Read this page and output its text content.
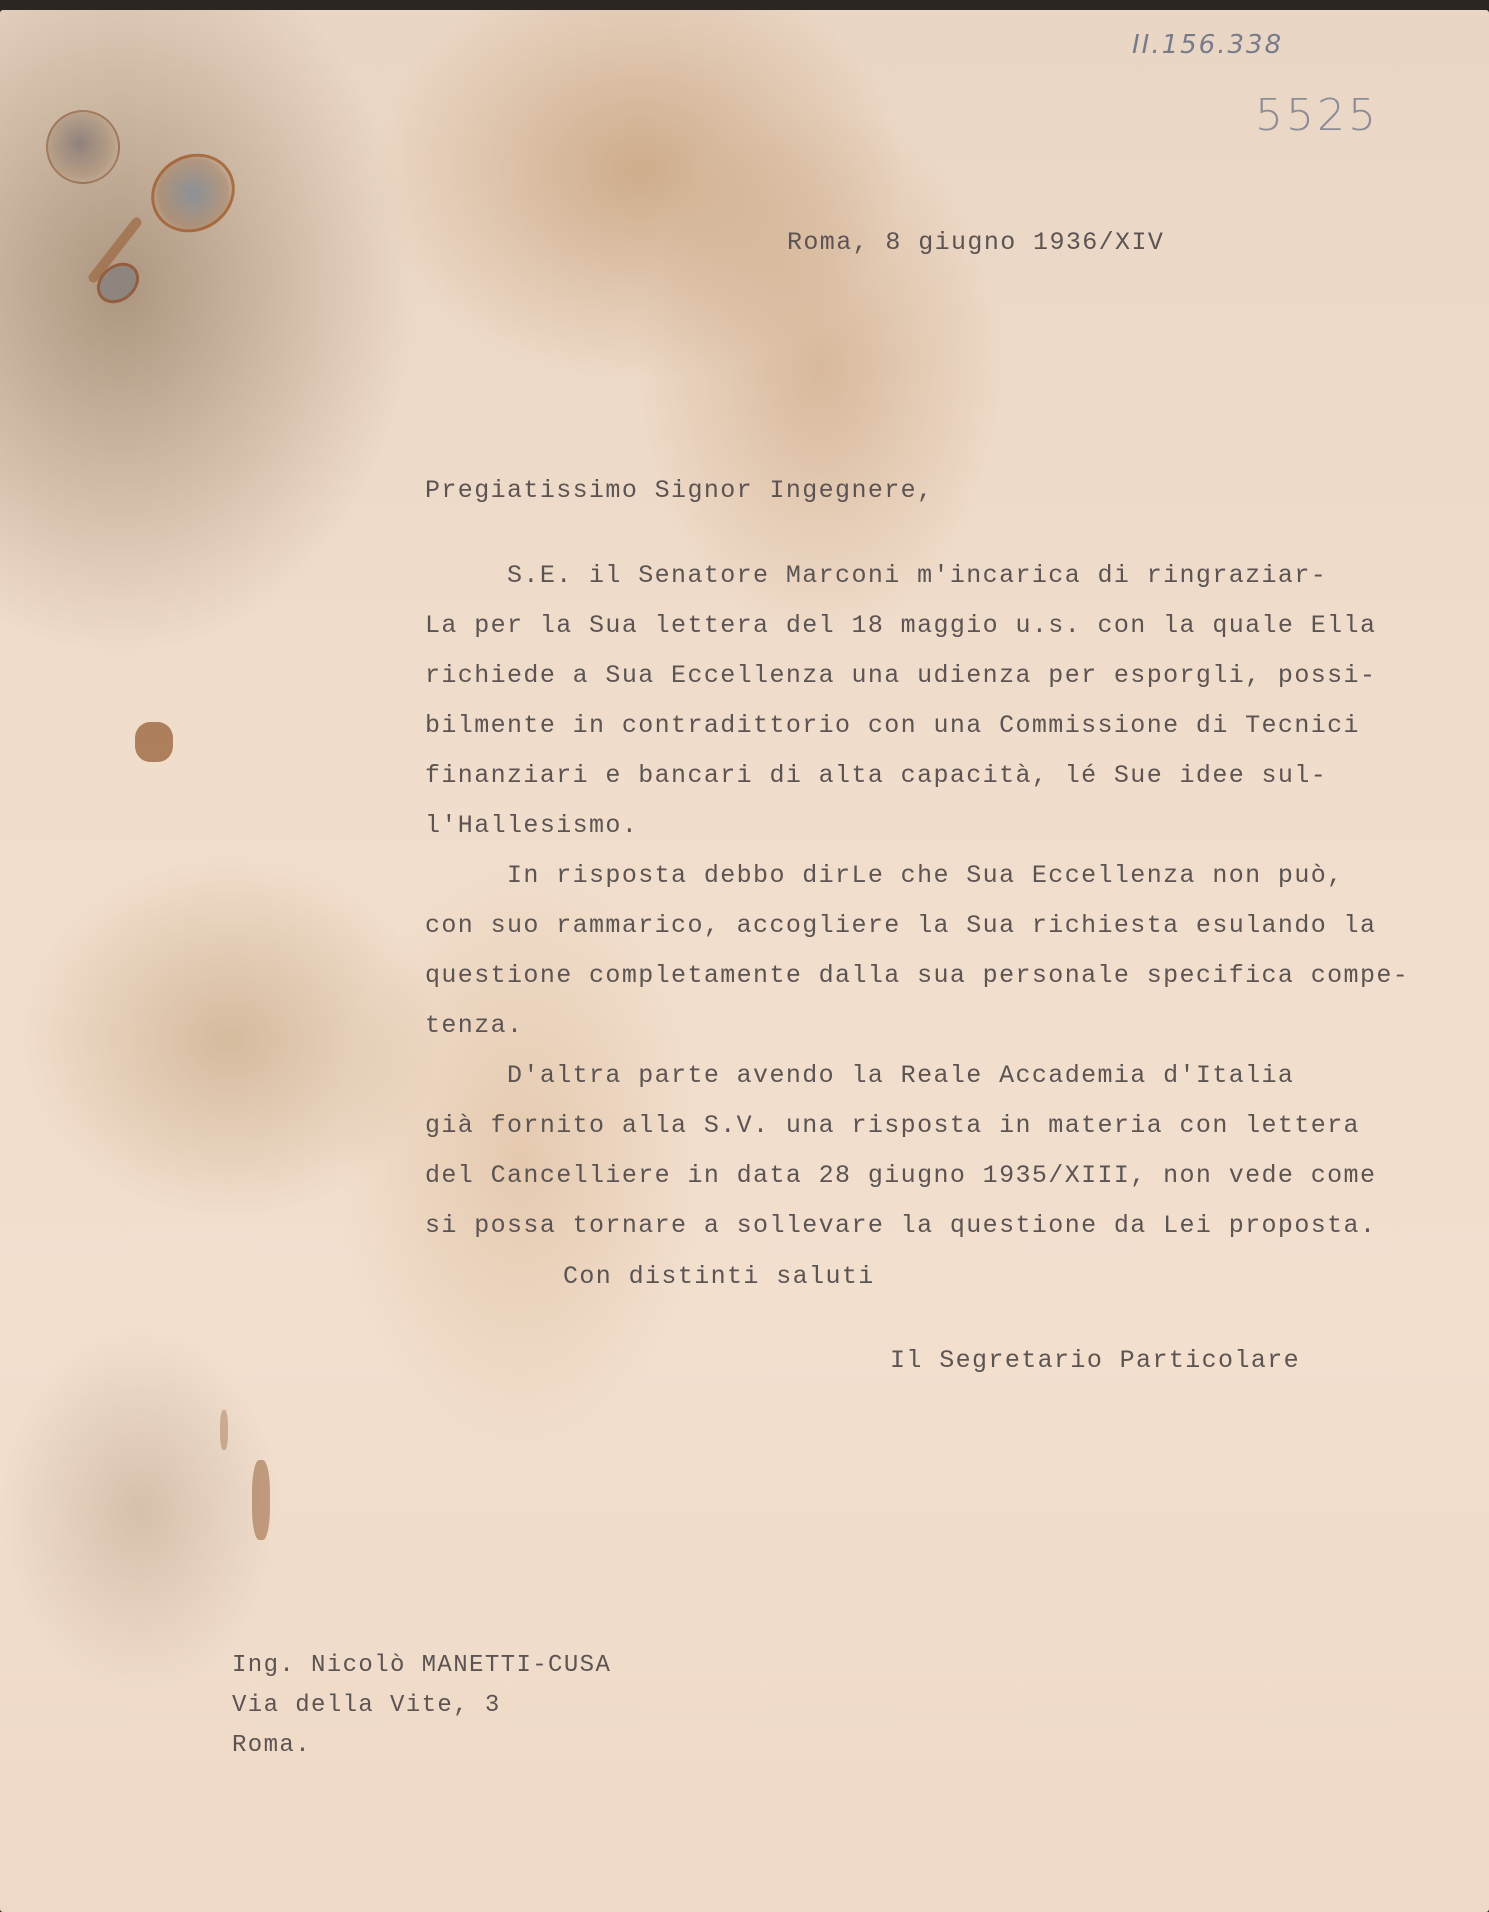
II.156.338
5525
Roma, 8 giugno 1936/XIV
Pregiatissimo Signor Ingegnere,
S.E. il Senatore Marconi m'incarica di ringraziar-
La per la Sua lettera del 18 maggio u.s. con la quale Ella
richiede a Sua Eccellenza una udienza per esporgli, possi-
bilmente in contradittorio con una Commissione di Tecnici
finanziari e bancari di alta capacità, lé Sue idee sul-
l'Hallesismo.
In risposta debbo dirLe che Sua Eccellenza non può,
con suo rammarico, accogliere la Sua richiesta esulando la
questione completamente dalla sua personale specifica compe-
tenza.
D'altra parte avendo la Reale Accademia d'Italia
già fornito alla S.V. una risposta in materia con lettera
del Cancelliere in data 28 giugno 1935/XIII, non vede come
si possa tornare a sollevare la questione da Lei proposta.
Con distinti saluti
Il Segretario Particolare
Ing. Nicolò MANETTI-CUSA
Via della Vite, 3
Roma.
